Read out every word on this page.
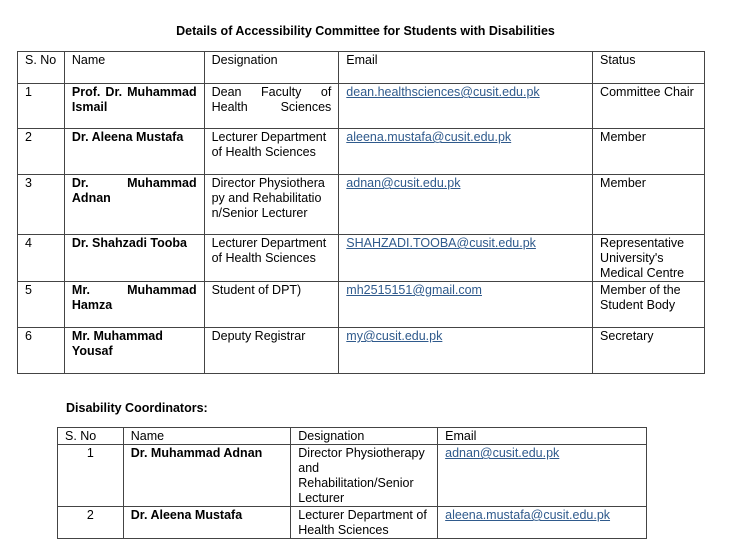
Details of Accessibility Committee for Students with Disabilities
S. No	Name	Designation	Email	Status
1	Prof. Dr. Muhammad Ismail	Dean Faculty of Health Sciences	dean.healthsciences@cusit.edu.pk	Committee Chair
2	Dr. Aleena Mustafa	Lecturer Department of Health Sciences	aleena.mustafa@cusit.edu.pk	Member
3	Dr. Muhammad Adnan	Director Physiotherapy and Rehabilitation/Senior Lecturer	adnan@cusit.edu.pk	Member
4	Dr. Shahzadi Tooba	Lecturer Department of Health Sciences	SHAHZADI.TOOBA@cusit.edu.pk	Representative University's Medical Centre
5	Mr. Muhammad Hamza	Student of DPT)	mh2515151@gmail.com	Member of the Student Body
6	Mr. Muhammad Yousaf	Deputy Registrar	my@cusit.edu.pk	Secretary
Disability Coordinators:
S. No	Name	Designation	Email
1	Dr. Muhammad Adnan	Director Physiotherapy and Rehabilitation/Senior Lecturer	adnan@cusit.edu.pk
2	Dr. Aleena Mustafa	Lecturer Department of Health Sciences	aleena.mustafa@cusit.edu.pk
